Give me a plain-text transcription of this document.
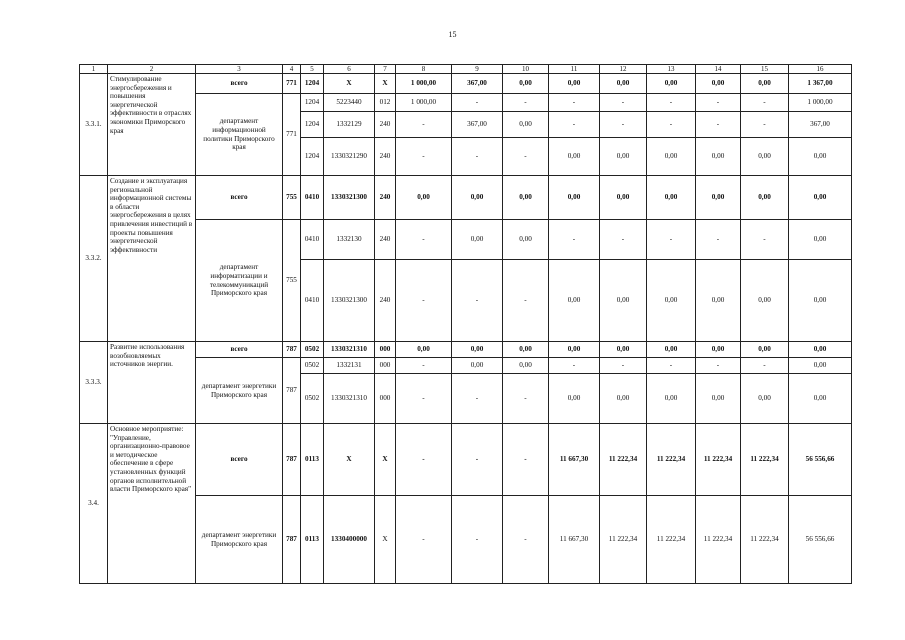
15
1	2	3	4	5	6	7	8	9	10	11	12	13	14	15	16
3.3.1.	Стимулирование энергосбережения и повышения энергетической эффективности в отраслях экономики Приморского края	всего	771	1204	X	X	1 000,00	367,00	0,00	0,00	0,00	0,00	0,00	0,00	1 367,00
		департамент информационной политики Приморского края	771	1204	5223440	012	1 000,00	-	-	-	-	-	-	-	1 000,00
				1204	1332129	240	-	367,00	0,00	-	-	-	-	-	367,00
				1204	1330321290	240	-	-	-	0,00	0,00	0,00	0,00	0,00	0,00
3.3.2.	Создание и эксплуатация региональной информационной системы в области энергосбережения в целях привлечения инвестиций в проекты повышения энергетической эффективности	всего	755	0410	1330321300	240	0,00	0,00	0,00	0,00	0,00	0,00	0,00	0,00	0,00
		департамент информатизации и телекоммуникаций Приморского края	755	0410	1332130	240	-	0,00	0,00	-	-	-	-	-	0,00
				0410	1330321300	240	-	-	-	0,00	0,00	0,00	0,00	0,00	0,00
3.3.3.	Развитие использования возобновляемых источников энергии.	всего	787	0502	1330321310	000	0,00	0,00	0,00	0,00	0,00	0,00	0,00	0,00	0,00
		департамент энергетики Приморского края	787	0502	1332131	000	-	0,00	0,00	-	-	-	-	-	0,00
				0502	1330321310	000	-	-	-	0,00	0,00	0,00	0,00	0,00	0,00
3.4.	Основное мероприятие: "Управление, организационно-правовое и методическое обеспечение в сфере установленных функций органов исполнительной власти Приморского края"	всего	787	0113	X	X	-	-	-	11 667,30	11 222,34	11 222,34	11 222,34	11 222,34	56 556,66
		департамент энергетики Приморского края	787	0113	1330400000	X	-	-	-	11 667,30	11 222,34	11 222,34	11 222,34	11 222,34	56 556,66
